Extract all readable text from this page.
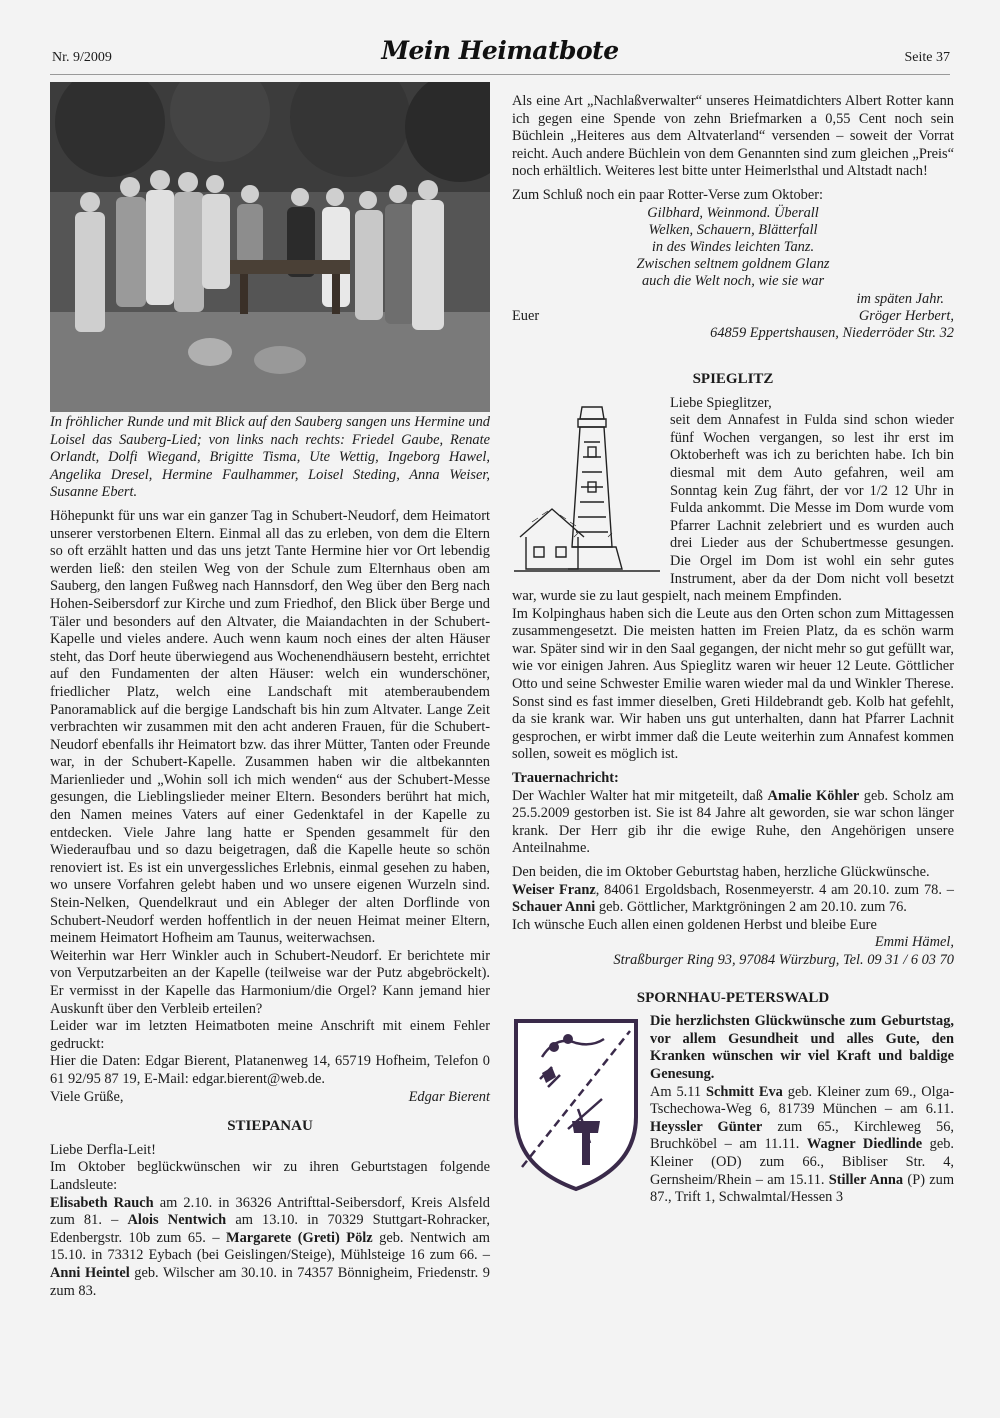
Nr. 9/2009	Mein Heimatbote	Seite 37

In fröhlicher Runde und mit Blick auf den Sauberg sangen uns Hermine und Loisel das Sauberg-Lied; von links nach rechts: Friedel Gaube, Renate Orlandt, Dolfi Wiegand, Brigitte Tisma, Ute Wettig, Ingeborg Hawel, Angelika Dresel, Hermine Faulhammer, Loisel Steding, Anna Weiser, Susanne Ebert.

Höhepunkt für uns war ein ganzer Tag in Schubert-Neudorf, dem Heimatort unserer verstorbenen Eltern. Einmal all das zu erleben, von dem die Eltern so oft erzählt hatten und das uns jetzt Tante Hermine hier vor Ort lebendig werden ließ: den steilen Weg von der Schule zum Elternhaus oben am Sauberg, den langen Fußweg nach Hannsdorf, den Weg über den Berg nach Hohen-Seibersdorf zur Kirche und zum Friedhof, den Blick über Berge und Täler und besonders auf den Altvater, die Maiandachten in der Schubert-Kapelle und vieles andere. Auch wenn kaum noch eines der alten Häuser steht, das Dorf heute überwiegend aus Wochenendhäusern besteht, errichtet auf den Fundamenten der alten Häuser: welch ein wunderschöner, friedlicher Platz, welch eine Landschaft mit atemberaubendem Panoramablick auf die bergige Landschaft bis hin zum Altvater. Lange Zeit verbrachten wir zusammen mit den acht anderen Frauen, für die Schubert-Neudorf ebenfalls ihr Heimatort bzw. das ihrer Mütter, Tanten oder Freunde war, in der Schubert-Kapelle. Zusammen haben wir die altbekannten Marienlieder und „Wohin soll ich mich wenden“ aus der Schubert-Messe gesungen, die Lieblingslieder meiner Eltern. Besonders berührt hat mich, den Namen meines Vaters auf einer Gedenktafel in der Kapelle zu entdecken. Viele Jahre lang hatte er Spenden gesammelt für den Wiederaufbau und so dazu beigetragen, daß die Kapelle heute so schön renoviert ist. Es ist ein unvergessliches Erlebnis, einmal gesehen zu haben, wo unsere Vorfahren gelebt haben und wo unsere eigenen Wurzeln sind. Stein-Nelken, Quendelkraut und ein Ableger der alten Dorflinde von Schubert-Neudorf werden hoffentlich in der neuen Heimat meiner Eltern, meinem Heimatort Hofheim am Taunus, weiterwachsen.

Weiterhin war Herr Winkler auch in Schubert-Neudorf. Er berichtete mir von Verputzarbeiten an der Kapelle (teilweise war der Putz abgebröckelt). Er vermisst in der Kapelle das Harmonium/die Orgel? Kann jemand hier Auskunft über den Verbleib erteilen?

Leider war im letzten Heimatboten meine Anschrift mit einem Fehler gedruckt:

Hier die Daten: Edgar Bierent, Platanenweg 14, 65719 Hofheim, Telefon 0 61 92/95 87 19, E-Mail: edgar.bierent@web.de.

Viele Grüße,	Edgar Bierent

STIEPANAU

Liebe Derfla-Leit!

Im Oktober beglückwünschen wir zu ihren Geburtstagen folgende Landsleute:

Elisabeth Rauch am 2.10. in 36326 Antrifttal-Seibersdorf, Kreis Alsfeld zum 81. – Alois Nentwich am 13.10. in 70329 Stuttgart-Rohracker, Edenbergstr. 10b zum 65. – Margarete (Greti) Pölz geb. Nentwich am 15.10. in 73312 Eybach (bei Geislingen/Steige), Mühlsteige 16 zum 66. – Anni Heintel geb. Wilscher am 30.10. in 74357 Bönnigheim, Friedenstr. 9 zum 83.

Als eine Art „Nachlaßverwalter“ unseres Heimatdichters Albert Rotter kann ich gegen eine Spende von zehn Briefmarken a 0,55 Cent noch sein Büchlein „Heiteres aus dem Altvaterland“ versenden – soweit der Vorrat reicht. Auch andere Büchlein von dem Genannten sind zum gleichen „Preis“ noch erhältlich. Weiteres lest bitte unter Heimerlsthal und Altstadt nach!

Zum Schluß noch ein paar Rotter-Verse zum Oktober:

Gilbhard, Weinmond. Überall
Welken, Schauern, Blätterfall
in des Windes leichten Tanz.
Zwischen seltnem goldnem Glanz
auch die Welt noch, wie sie war
im späten Jahr.
Euer	Gröger Herbert,

64859 Eppertshausen, Niederröder Str. 32

SPIEGLITZ

Liebe Spieglitzer,

seit dem Annafest in Fulda sind schon wieder fünf Wochen vergangen, so lest ihr erst im Oktoberheft was ich zu berichten habe. Ich bin diesmal mit dem Auto gefahren, weil am Sonntag kein Zug fährt, der vor 1/2 12 Uhr in Fulda ankommt. Die Messe im Dom wurde vom Pfarrer Lachnit zelebriert und es wurden auch drei Lieder aus der Schubertmesse gesungen. Die Orgel im Dom ist wohl ein sehr gutes Instrument, aber da der Dom nicht voll besetzt war, wurde sie zu laut gespielt, nach meinem Empfinden.

Im Kolpinghaus haben sich die Leute aus den Orten schon zum Mittagessen zusammengesetzt. Die meisten hatten im Freien Platz, da es schön warm war. Später sind wir in den Saal gegangen, der nicht mehr so gut gefüllt war, wie vor einigen Jahren. Aus Spieglitz waren wir heuer 12 Leute. Göttlicher Otto und seine Schwester Emilie waren wieder mal da und Winkler Therese. Sonst sind es fast immer dieselben, Greti Hildebrandt geb. Kolb hat gefehlt, da sie krank war. Wir haben uns gut unterhalten, dann hat Pfarrer Lachnit gesprochen, er wirbt immer daß die Leute weiterhin zum Annafest kommen sollen, soweit es möglich ist.

Trauernachricht:

Der Wachler Walter hat mir mitgeteilt, daß Amalie Köhler geb. Scholz am 25.5.2009 gestorben ist. Sie ist 84 Jahre alt geworden, sie war schon länger krank. Der Herr gib ihr die ewige Ruhe, den Angehörigen unsere Anteilnahme.

Den beiden, die im Oktober Geburtstag haben, herzliche Glückwünsche.

Weiser Franz, 84061 Ergoldsbach, Rosenmeyerstr. 4 am 20.10. zum 78. – Schauer Anni geb. Göttlicher, Marktgröningen 2 am 20.10. zum 76.

Ich wünsche Euch allen einen goldenen Herbst und bleibe Eure

Emmi Hämel,

Straßburger Ring 93, 97084 Würzburg, Tel. 09 31 / 6 03 70

SPORNHAU-PETERSWALD

Die herzlichsten Glückwünsche zum Geburtstag, vor allem Gesundheit und alles Gute, den Kranken wünschen wir viel Kraft und baldige Genesung.

Am 5.11 Schmitt Eva geb. Kleiner zum 69., Olga-Tschechowa-Weg 6, 81739 München – am 6.11. Heyssler Günter zum 65., Kirchleweg 56, Bruchköbel – am 11.11. Wagner Diedlinde geb. Kleiner (OD) zum 66., Bibliser Str. 4, Gernsheim/Rhein – am 15.11. Stiller Anna (P) zum 87., Trift 1, Schwalmtal/Hessen 3
